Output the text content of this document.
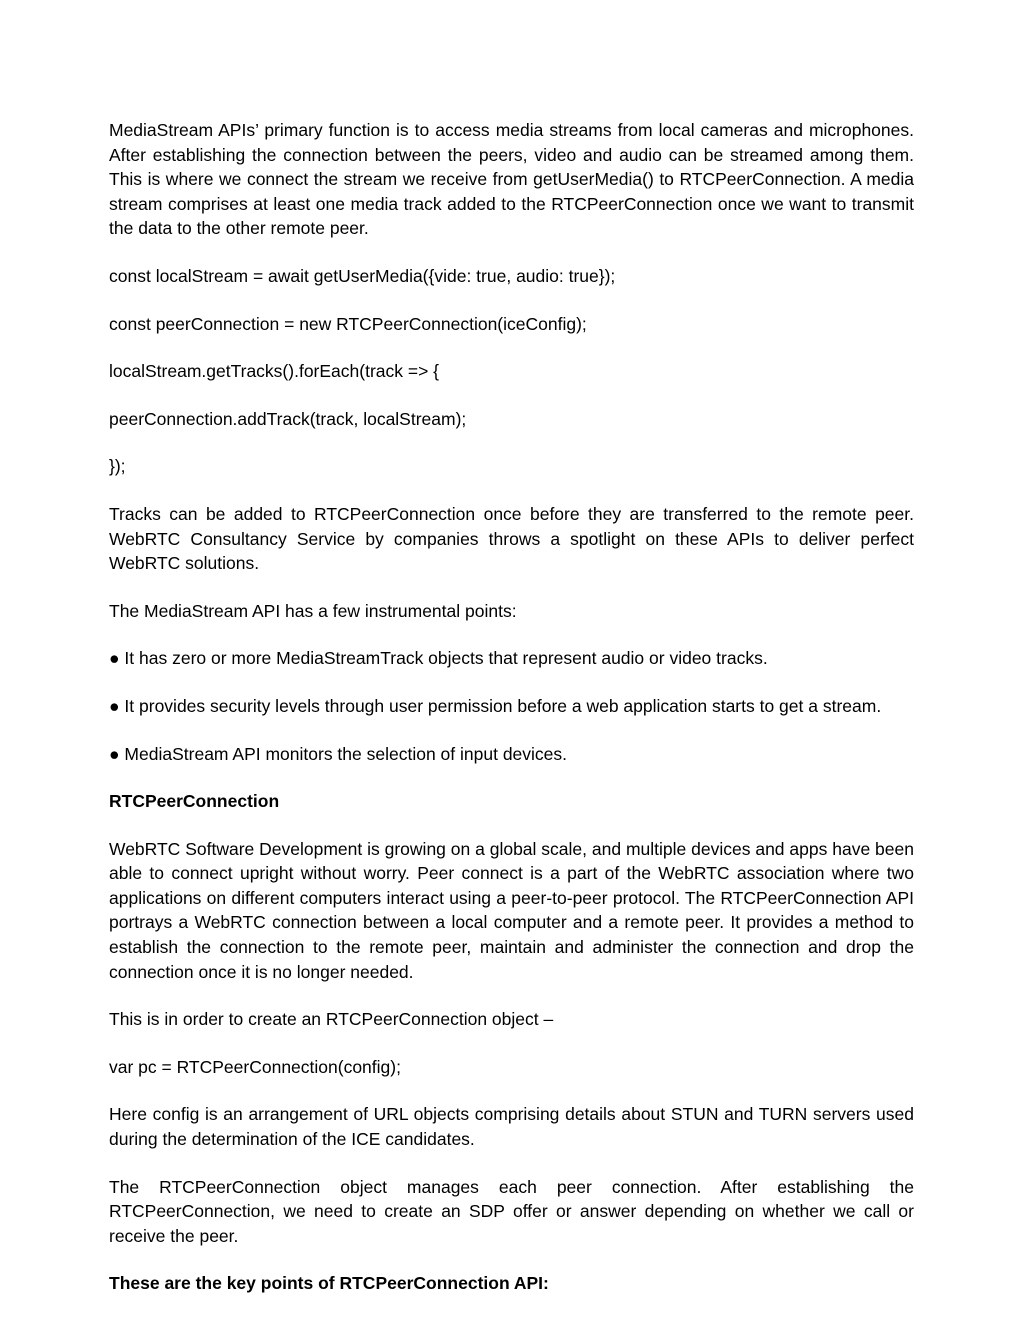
MediaStream APIs’ primary function is to access media streams from local cameras and microphones. After establishing the connection between the peers, video and audio can be streamed among them. This is where we connect the stream we receive from getUserMedia() to RTCPeerConnection. A media stream comprises at least one media track added to the RTCPeerConnection once we want to transmit the data to the other remote peer.

const localStream = await getUserMedia({vide: true, audio: true});

const peerConnection = new RTCPeerConnection(iceConfig);

localStream.getTracks().forEach(track => {

peerConnection.addTrack(track, localStream);

});

Tracks can be added to RTCPeerConnection once before they are transferred to the remote peer. WebRTC Consultancy Service by companies throws a spotlight on these APIs to deliver perfect WebRTC solutions.

The MediaStream API has a few instrumental points:

● It has zero or more MediaStreamTrack objects that represent audio or video tracks.

● It provides security levels through user permission before a web application starts to get a stream.

● MediaStream API monitors the selection of input devices.

RTCPeerConnection

WebRTC Software Development is growing on a global scale, and multiple devices and apps have been able to connect upright without worry. Peer connect is a part of the WebRTC association where two applications on different computers interact using a peer-to-peer protocol. The RTCPeerConnection API portrays a WebRTC connection between a local computer and a remote peer. It provides a method to establish the connection to the remote peer, maintain and administer the connection and drop the connection once it is no longer needed.

This is in order to create an RTCPeerConnection object –

var pc = RTCPeerConnection(config);

Here config is an arrangement of URL objects comprising details about STUN and TURN servers used during the determination of the ICE candidates.

The RTCPeerConnection object manages each peer connection. After establishing the RTCPeerConnection, we need to create an SDP offer or answer depending on whether we call or receive the peer.

These are the key points of RTCPeerConnection API:
